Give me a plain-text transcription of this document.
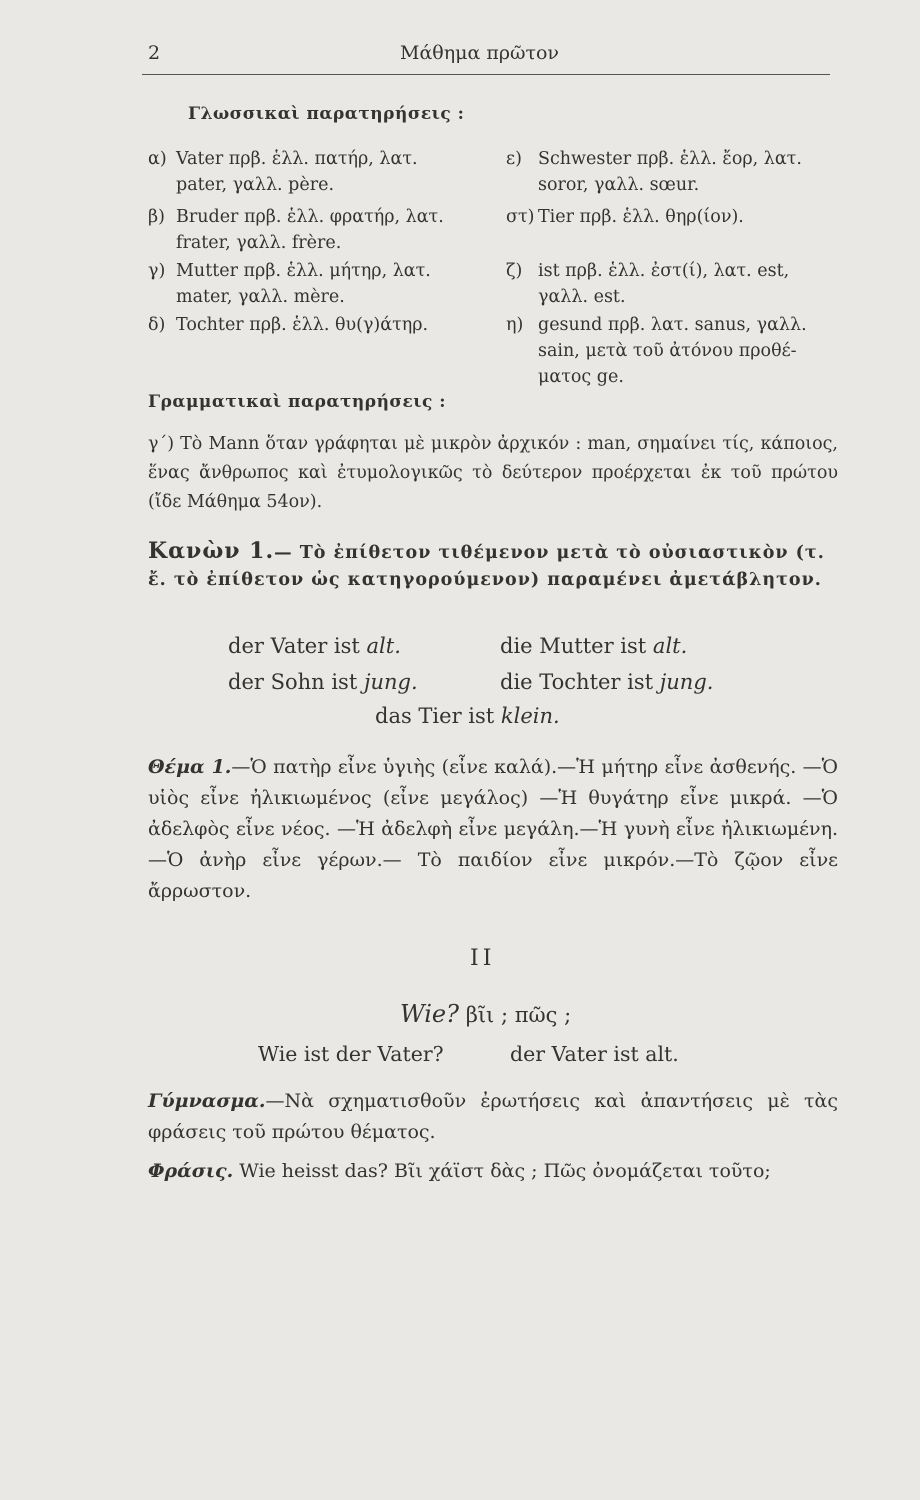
2	Μάθημα πρῶτον
Γλωσσικαὶ παρατηρήσεις :
α) Vater πρβ. ἑλλ. πατήρ, λατ.
pater, γαλλ. père.
β) Bruder πρβ. ἑλλ. φρατήρ, λατ.
frater, γαλλ. frère.
γ) Mutter πρβ. ἑλλ. μήτηρ, λατ.
mater, γαλλ. mère.
δ) Tochter πρβ. ἑλλ. θυ(γ)άτηρ.
ε) Schwester πρβ. ἑλλ. ἔορ, λατ.
soror, γαλλ. sœur.
στ) Tier πρβ. ἑλλ. θηρ(ίον).
ζ) ist πρβ. ἑλλ. ἐστ(ί), λατ. est,
γαλλ. est.
η) gesund πρβ. λατ. sanus, γαλλ.
sain, μετὰ τοῦ ἀτόνου προθέ-
ματος ge.
Γραμματικαὶ παρατηρήσεις :
γ΄) Τὸ Mann ὅταν γράφηται μὲ μικρὸν ἀρχικόν : man, σημαίνει τίς, κάποιος, ἕνας ἄνθρωπος καὶ ἐτυμολογικῶς τὸ δεύτερον προέρχεται ἐκ τοῦ πρώτου (ἴδε Μάθημα 54ον).
Κανὼν 1.— Τὸ ἐπίθετον τιθέμενον μετὰ τὸ οὐσιαστικὸν (τ. ἔ. τὸ ἐπίθετον ὡς κατηγορούμενον) παραμένει ἀμετάβλητον.
der Vater ist alt.	die Mutter ist alt.
der Sohn ist jung.	die Tochter ist jung.
das Tier ist klein.
Θέμα 1.—Ὁ πατὴρ εἶνε ὑγιὴς (εἶνε καλά).—Ἡ μήτηρ εἶνε ἀσθενής. —Ὁ υἱὸς εἶνε ἠλικιωμένος (εἶνε μεγάλος) —Ἡ θυγάτηρ εἶνε μικρά. —Ὁ ἀδελφὸς εἶνε νέος. —Ἡ ἀδελφὴ εἶνε μεγάλη.—Ἡ γυνὴ εἶνε ἠλικιωμένη. —Ὁ ἀνὴρ εἶνε γέρων.— Τὸ παιδίον εἶνε μικρόν.—Τὸ ζῷον εἶνε ἄρρωστον.
II
Wie? βῖι ; πῶς ;
Wie ist der Vater?	der Vater ist alt.
Γύμνασμα.—Νὰ σχηματισθοῦν ἐρωτήσεις καὶ ἀπαντήσεις μὲ τὰς φράσεις τοῦ πρώτου θέματος.
Φράσις. Wie heisst das? Βῖι χάϊστ δὰς ; Πῶς ὀνομάζεται τοῦτο;
